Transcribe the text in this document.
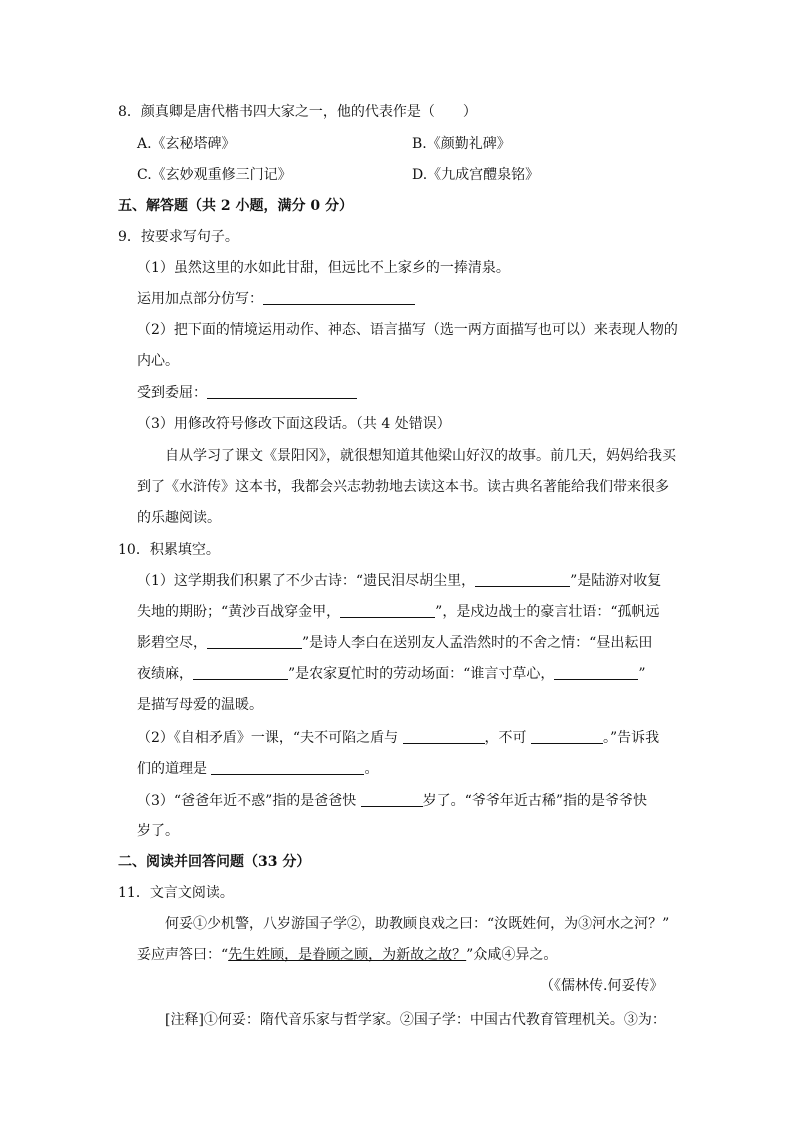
8．颜真卿是唐代楷书四大家之一，他的代表作是（　　）
A.《玄秘塔碑》	B.《颜勤礼碑》
C.《玄妙观重修三门记》	D.《九成宫醴泉铭》
五、解答题（共 2 小题，满分 0 分）
9．按要求写句子。
（1）虽然这里的水如此甘甜，但远比不上家乡的一捧清泉。
运用加点部分仿写：
（2）把下面的情境运用动作、神态、语言描写（选一两方面描写也可以）来表现人物的
内心。
受到委屈：
（3）用修改符号修改下面这段话。（共 4 处错误）
自从学习了课文《景阳冈》，就很想知道其他梁山好汉的故事。前几天，妈妈给我买
到了《水浒传》这本书，我都会兴志勃勃地去读这本书。读古典名著能给我们带来很多
的乐趣阅读。
10．积累填空。
（1）这学期我们积累了不少古诗：“遗民泪尽胡尘里，	”是陆游对收复
失地的期盼；“黄沙百战穿金甲，	”，是戍边战士的豪言壮语：“孤帆远
影碧空尽，	”是诗人李白在送别友人孟浩然时的不舍之情：“昼出耘田
夜绩麻，	”是农家夏忙时的劳动场面：“谁言寸草心，	”
是描写母爱的温暖。
（2）《自相矛盾》一课，“夫不可陷之盾与	，不可	。”告诉我
们的道理是	。
（3）“爸爸年近不惑”指的是爸爸快	岁了。“爷爷年近古稀”指的是爷爷快
岁了。
二、阅读并回答问题（33 分）
11．文言文阅读。
何妥①少机警，八岁游国子学②，助教顾良戏之曰：“汝既姓何，为③河水之河？”
妥应声答曰：“先生姓顾，是眷顾之顾，为新故之故？”众咸④异之。
（《儒林传.何妥传》
[注释]①何妥：隋代音乐家与哲学家。②国子学：中国古代教育管理机关。③为：
